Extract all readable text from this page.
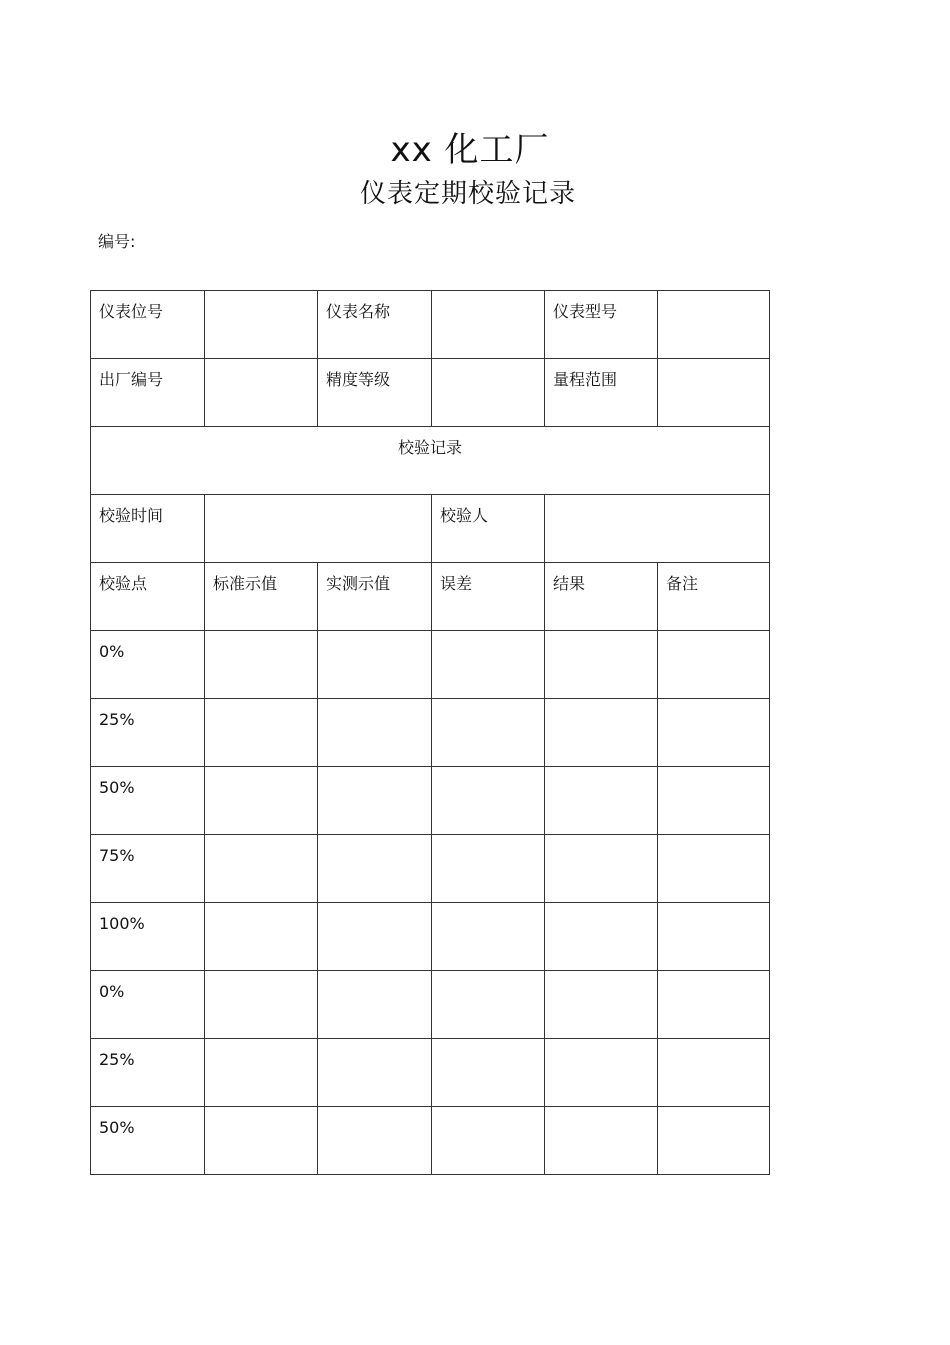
xx 化工厂
仪表定期校验记录
编号:
仪表位号		仪表名称		仪表型号	

出厂编号		精度等级		量程范围	

校验记录					

校验时间			校验人		

校验点	标准示值	实测示值	误差	结果	备注

0%					

25%					

50%					

75%					

100%					

0%					

25%					

50%					
